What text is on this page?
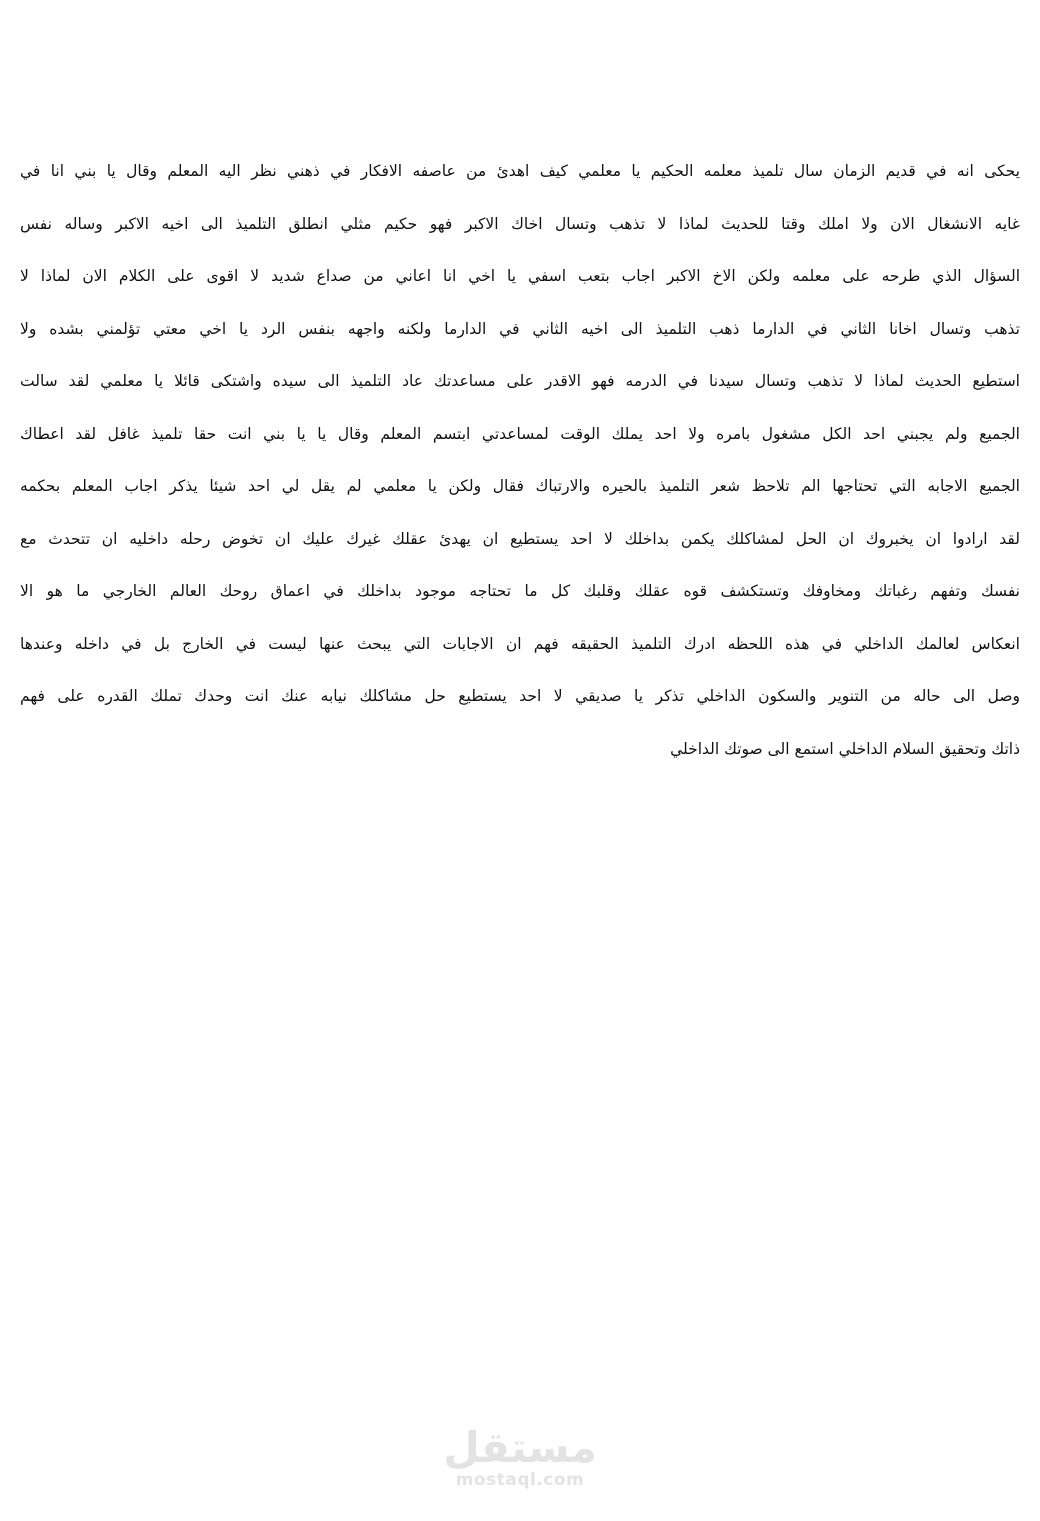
يحكى انه في قديم الزمان سال تلميذ معلمه الحكيم يا معلمي كيف اهدئ من عاصفه الافكار في ذهني نظر اليه المعلم وقال يا بني انا في
غايه الانشغال الان ولا املك وقتا للحديث لماذا لا تذهب وتسال اخاك الاكبر فهو حكيم مثلي انطلق التلميذ الى اخيه الاكبر وساله نفس
السؤال الذي طرحه على معلمه ولكن الاخ الاكبر اجاب بتعب اسفي يا اخي انا اعاني من صداع شديد لا اقوى على الكلام الان لماذا لا
تذهب وتسال اخانا الثاني في الدارما ذهب التلميذ الى اخيه الثاني في الدارما ولكنه واجهه بنفس الرد يا اخي معتي تؤلمني بشده ولا
استطيع الحديث لماذا لا تذهب وتسال سيدنا في الدرمه فهو الاقدر على مساعدتك عاد التلميذ الى سيده واشتكى قائلا يا معلمي لقد سالت
الجميع ولم يجبني احد الكل مشغول بامره ولا احد يملك الوقت لمساعدتي ابتسم المعلم وقال يا يا بني انت حقا تلميذ غافل لقد اعطاك
الجميع الاجابه التي تحتاجها الم تلاحظ شعر التلميذ بالحيره والارتباك فقال ولكن يا معلمي لم يقل لي احد شيئا يذكر اجاب المعلم بحكمه
لقد ارادوا ان يخبروك ان الحل لمشاكلك يكمن بداخلك لا احد يستطيع ان يهدئ عقلك غيرك عليك ان تخوض رحله داخليه ان تتحدث مع
نفسك وتفهم رغباتك ومخاوفك وتستكشف قوه عقلك وقلبك كل ما تحتاجه موجود بداخلك في اعماق روحك العالم الخارجي ما هو الا
انعكاس لعالمك الداخلي في هذه اللحظه ادرك التلميذ الحقيقه فهم ان الاجابات التي يبحث عنها ليست في الخارج بل في داخله وعندها
وصل الى حاله من التنوير والسكون الداخلي تذكر يا صديقي لا احد يستطيع حل مشاكلك نيابه عنك انت وحدك تملك القدره على فهم
ذاتك وتحقيق السلام الداخلي استمع الى صوتك الداخلي
مستقل
mostaql.com
